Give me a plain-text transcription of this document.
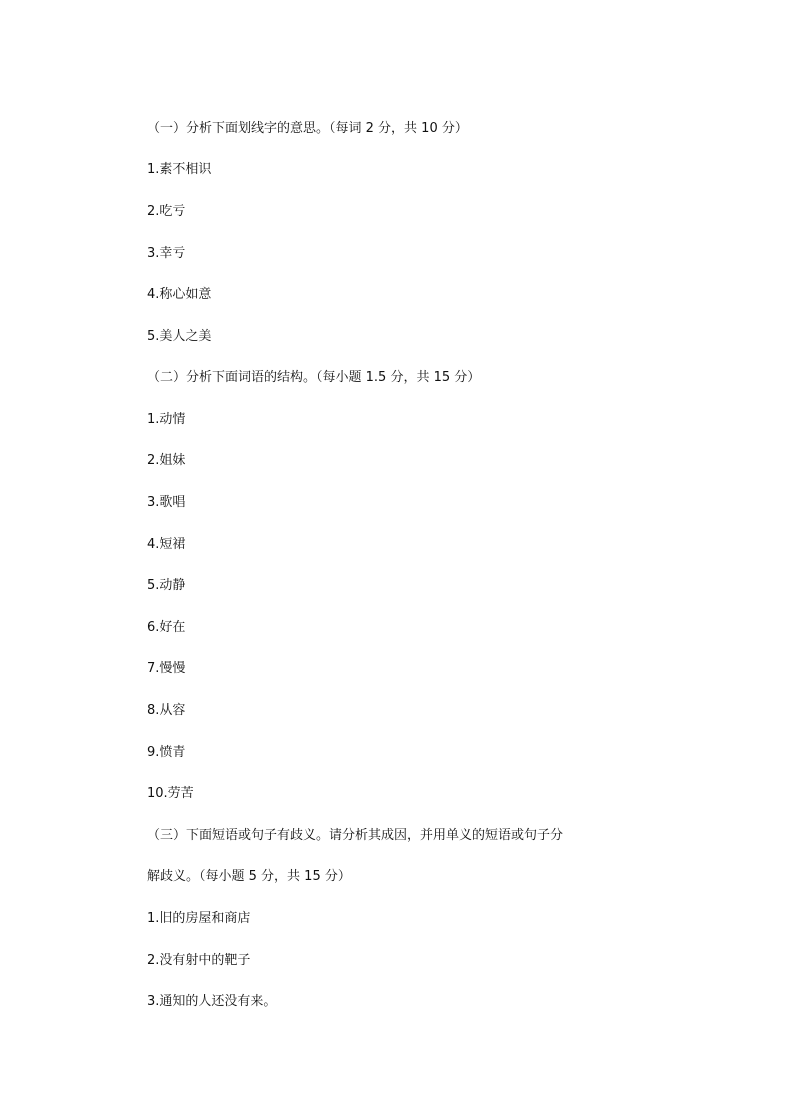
（一）分析下面划线字的意思。（每词 2 分，共 10 分）
1.素不相识
2.吃亏
3.幸亏
4.称心如意
5.美人之美
（二）分析下面词语的结构。（每小题 1.5 分，共 15 分）
1.动情
2.姐妹
3.歌唱
4.短裙
5.动静
6.好在
7.慢慢
8.从容
9.愤青
10.劳苦
（三）下面短语或句子有歧义。请分析其成因，并用单义的短语或句子分
解歧义。（每小题 5 分，共 15 分）
1.旧的房屋和商店
2.没有射中的靶子
3.通知的人还没有来。
